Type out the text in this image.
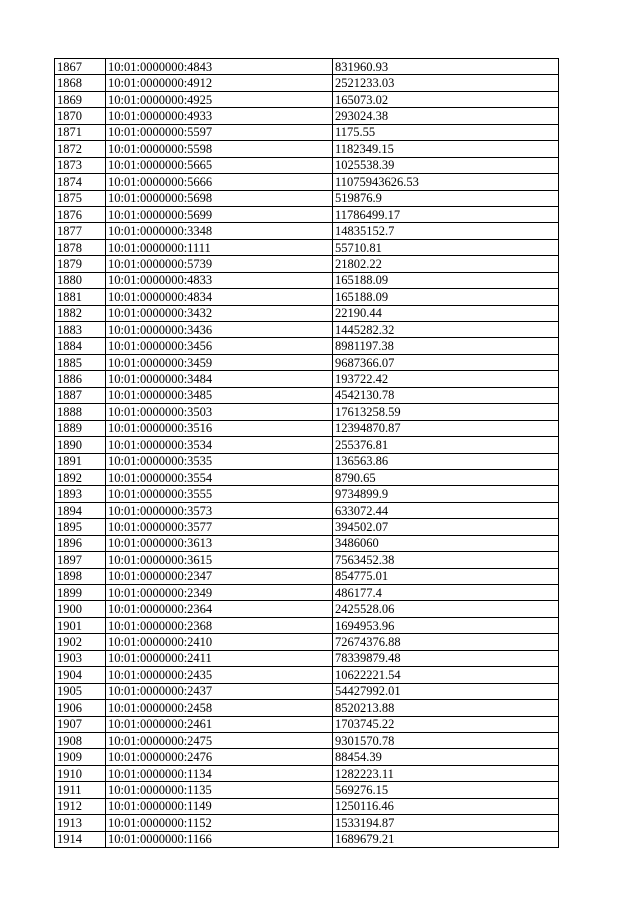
1867	10:01:0000000:4843	831960.93
1868	10:01:0000000:4912	2521233.03
1869	10:01:0000000:4925	165073.02
1870	10:01:0000000:4933	293024.38
1871	10:01:0000000:5597	1175.55
1872	10:01:0000000:5598	1182349.15
1873	10:01:0000000:5665	1025538.39
1874	10:01:0000000:5666	11075943626.53
1875	10:01:0000000:5698	519876.9
1876	10:01:0000000:5699	11786499.17
1877	10:01:0000000:3348	14835152.7
1878	10:01:0000000:1111	55710.81
1879	10:01:0000000:5739	21802.22
1880	10:01:0000000:4833	165188.09
1881	10:01:0000000:4834	165188.09
1882	10:01:0000000:3432	22190.44
1883	10:01:0000000:3436	1445282.32
1884	10:01:0000000:3456	8981197.38
1885	10:01:0000000:3459	9687366.07
1886	10:01:0000000:3484	193722.42
1887	10:01:0000000:3485	4542130.78
1888	10:01:0000000:3503	17613258.59
1889	10:01:0000000:3516	12394870.87
1890	10:01:0000000:3534	255376.81
1891	10:01:0000000:3535	136563.86
1892	10:01:0000000:3554	8790.65
1893	10:01:0000000:3555	9734899.9
1894	10:01:0000000:3573	633072.44
1895	10:01:0000000:3577	394502.07
1896	10:01:0000000:3613	3486060
1897	10:01:0000000:3615	7563452.38
1898	10:01:0000000:2347	854775.01
1899	10:01:0000000:2349	486177.4
1900	10:01:0000000:2364	2425528.06
1901	10:01:0000000:2368	1694953.96
1902	10:01:0000000:2410	72674376.88
1903	10:01:0000000:2411	78339879.48
1904	10:01:0000000:2435	10622221.54
1905	10:01:0000000:2437	54427992.01
1906	10:01:0000000:2458	8520213.88
1907	10:01:0000000:2461	1703745.22
1908	10:01:0000000:2475	9301570.78
1909	10:01:0000000:2476	88454.39
1910	10:01:0000000:1134	1282223.11
1911	10:01:0000000:1135	569276.15
1912	10:01:0000000:1149	1250116.46
1913	10:01:0000000:1152	1533194.87
1914	10:01:0000000:1166	1689679.21
